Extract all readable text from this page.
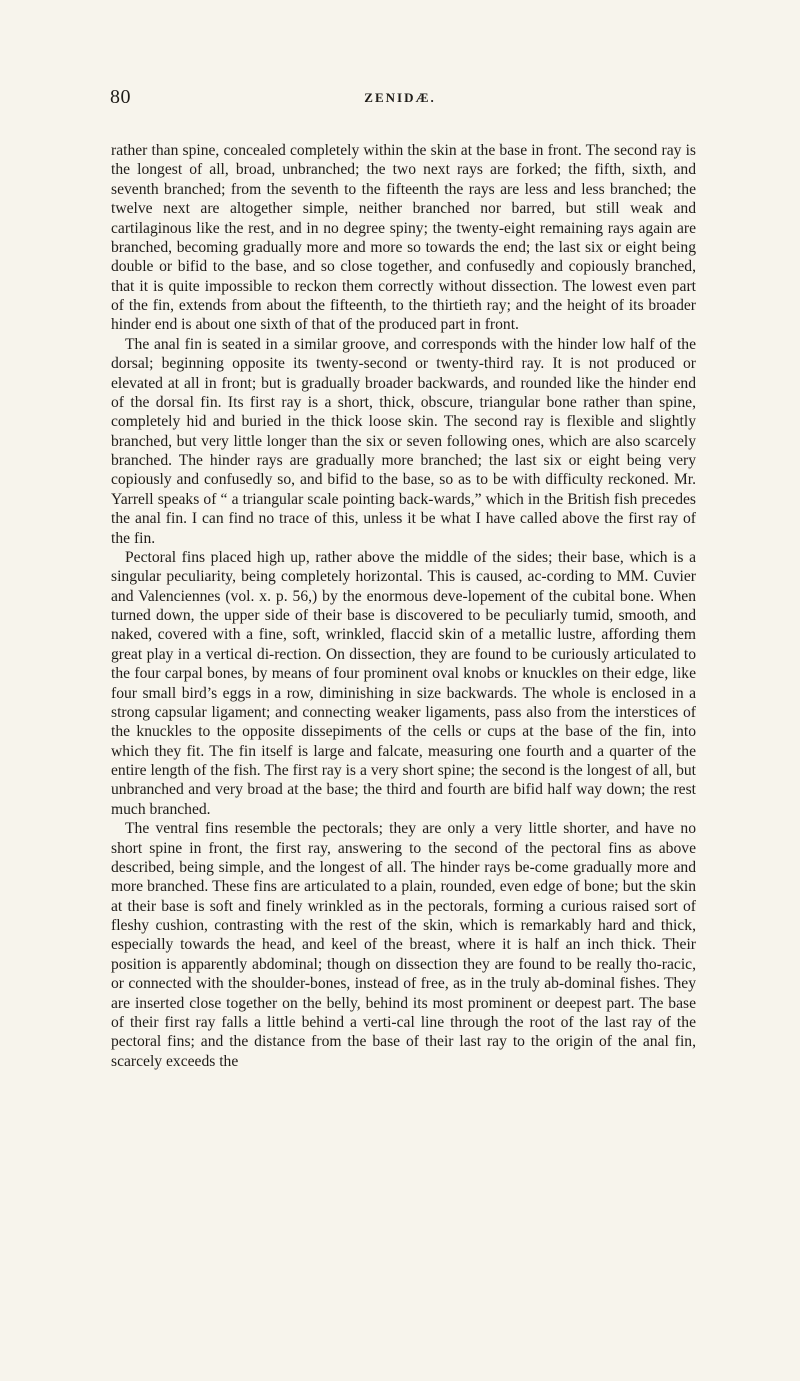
80	ZENIDÆ.

rather than spine, concealed completely within the skin at the base in front. The second ray is the longest of all, broad, unbranched; the two next rays are forked; the fifth, sixth, and seventh branched; from the seventh to the fifteenth the rays are less and less branched; the twelve next are altogether simple, neither branched nor barred, but still weak and cartilaginous like the rest, and in no degree spiny; the twenty-eight remaining rays again are branched, becoming gradually more and more so towards the end; the last six or eight being double or bifid to the base, and so close together, and confusedly and copiously branched, that it is quite impossible to reckon them correctly without dissection. The lowest even part of the fin, extends from about the fifteenth, to the thirtieth ray; and the height of its broader hinder end is about one sixth of that of the produced part in front.

The anal fin is seated in a similar groove, and corresponds with the hinder low half of the dorsal; beginning opposite its twenty-second or twenty-third ray. It is not produced or elevated at all in front; but is gradually broader backwards, and rounded like the hinder end of the dorsal fin. Its first ray is a short, thick, obscure, triangular bone rather than spine, completely hid and buried in the thick loose skin. The second ray is flexible and slightly branched, but very little longer than the six or seven following ones, which are also scarcely branched. The hinder rays are gradually more branched; the last six or eight being very copiously and confusedly so, and bifid to the base, so as to be with difficulty reckoned. Mr. Yarrell speaks of “ a triangular scale pointing back-wards,” which in the British fish precedes the anal fin. I can find no trace of this, unless it be what I have called above the first ray of the fin.

Pectoral fins placed high up, rather above the middle of the sides; their base, which is a singular peculiarity, being completely horizontal. This is caused, ac-cording to MM. Cuvier and Valenciennes (vol. x. p. 56,) by the enormous deve-lopement of the cubital bone. When turned down, the upper side of their base is discovered to be peculiarly tumid, smooth, and naked, covered with a fine, soft, wrinkled, flaccid skin of a metallic lustre, affording them great play in a vertical di-rection. On dissection, they are found to be curiously articulated to the four carpal bones, by means of four prominent oval knobs or knuckles on their edge, like four small bird’s eggs in a row, diminishing in size backwards. The whole is enclosed in a strong capsular ligament; and connecting weaker ligaments, pass also from the interstices of the knuckles to the opposite dissepiments of the cells or cups at the base of the fin, into which they fit. The fin itself is large and falcate, measuring one fourth and a quarter of the entire length of the fish. The first ray is a very short spine; the second is the longest of all, but unbranched and very broad at the base; the third and fourth are bifid half way down; the rest much branched.

The ventral fins resemble the pectorals; they are only a very little shorter, and have no short spine in front, the first ray, answering to the second of the pectoral fins as above described, being simple, and the longest of all. The hinder rays be-come gradually more and more branched. These fins are articulated to a plain, rounded, even edge of bone; but the skin at their base is soft and finely wrinkled as in the pectorals, forming a curious raised sort of fleshy cushion, contrasting with the rest of the skin, which is remarkably hard and thick, especially towards the head, and keel of the breast, where it is half an inch thick. Their position is apparently abdominal; though on dissection they are found to be really tho-racic, or connected with the shoulder-bones, instead of free, as in the truly ab-dominal fishes. They are inserted close together on the belly, behind its most prominent or deepest part. The base of their first ray falls a little behind a verti-cal line through the root of the last ray of the pectoral fins; and the distance from the base of their last ray to the origin of the anal fin, scarcely exceeds the
